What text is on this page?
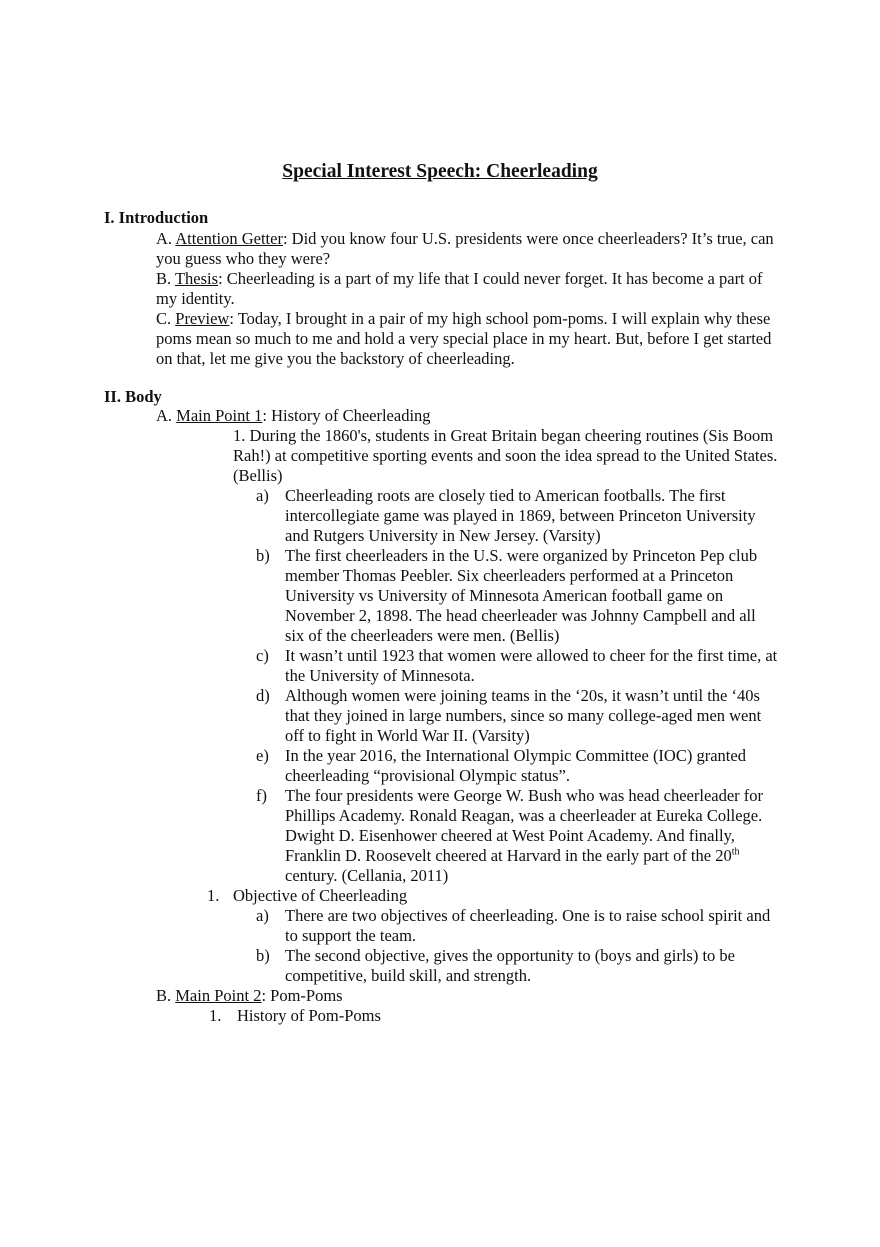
Special Interest Speech: Cheerleading
I. Introduction

A. Attention Getter: Did you know four U.S. presidents were once cheerleaders? It’s true, can you guess who they were?

B. Thesis: Cheerleading is a part of my life that I could never forget. It has become a part of my identity.

C. Preview: Today, I brought in a pair of my high school pom-poms. I will explain why these poms mean so much to me and hold a very special place in my heart. But, before I get started on that, let me give you the backstory of cheerleading.

II. Body
A. Main Point 1: History of Cheerleading
1. During the 1860's, students in Great Britain began cheering routines (Sis Boom Rah!) at competitive sporting events and soon the idea spread to the United States. (Bellis)
a) Cheerleading roots are closely tied to American footballs. The first intercollegiate game was played in 1869, between Princeton University and Rutgers University in New Jersey. (Varsity)
b) The first cheerleaders in the U.S. were organized by Princeton Pep club member Thomas Peebler. Six cheerleaders performed at a Princeton University vs University of Minnesota American football game on November 2, 1898. The head cheerleader was Johnny Campbell and all six of the cheerleaders were men. (Bellis)
c) It wasn’t until 1923 that women were allowed to cheer for the first time, at the University of Minnesota.
d) Although women were joining teams in the ‘20s, it wasn’t until the ‘40s that they joined in large numbers, since so many college-aged men went off to fight in World War II. (Varsity)
e) In the year 2016, the International Olympic Committee (IOC) granted cheerleading “provisional Olympic status”.
f)	The four presidents were George W. Bush who was head cheerleader for Phillips Academy. Ronald Reagan, was a cheerleader at Eureka College. Dwight D. Eisenhower cheered at West Point Academy. And finally, Franklin D. Roosevelt cheered at Harvard in the early part of the 20th century. (Cellania, 2011)
1. Objective of Cheerleading
a) There are two objectives of cheerleading. One is to raise school spirit and to support the team.
b) The second objective, gives the opportunity to (boys and girls) to be competitive, build skill, and strength.
B. Main Point 2: Pom-Poms
1. History of Pom-Poms
